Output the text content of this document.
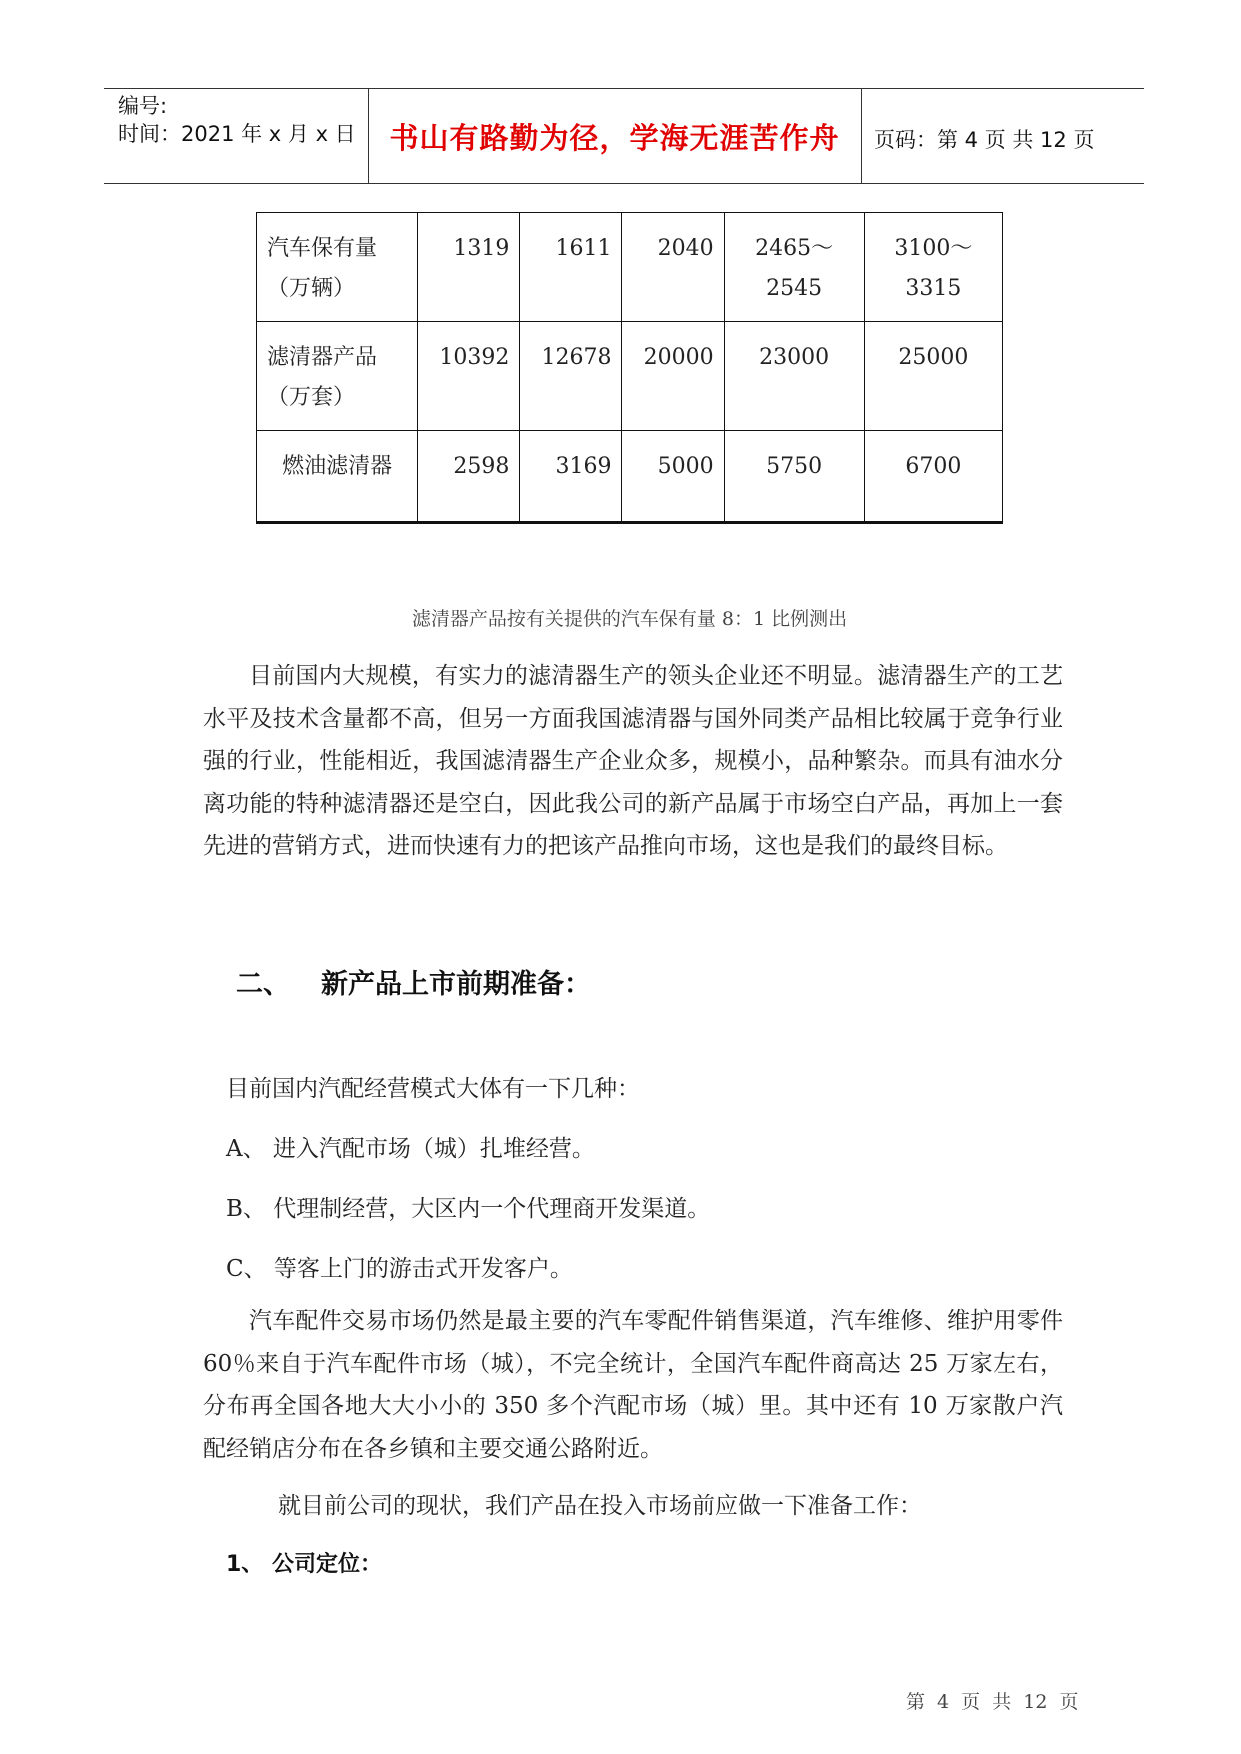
编号:
时间：2021 年 x 月 x 日	书山有路勤为径，学海无涯苦作舟	页码：第 4 页 共 12 页
汽车保有量（万辆）	1319	1611	2040	2465～2545	3100～3315
滤清器产品（万套）	10392	12678	20000	23000	25000
燃油滤清器	2598	3169	5000	5750	6700
滤清器产品按有关提供的汽车保有量 8：1 比例测出
目前国内大规模，有实力的滤清器生产的领头企业还不明显。滤清器生产的工艺水平及技术含量都不高，但另一方面我国滤清器与国外同类产品相比较属于竞争行业强的行业，性能相近，我国滤清器生产企业众多，规模小，品种繁杂。而具有油水分离功能的特种滤清器还是空白，因此我公司的新产品属于市场空白产品，再加上一套先进的营销方式，进而快速有力的把该产品推向市场，这也是我们的最终目标。
二、 新产品上市前期准备：
目前国内汽配经营模式大体有一下几种：
A、 进入汽配市场（城）扎堆经营。
B、 代理制经营，大区内一个代理商开发渠道。
C、 等客上门的游击式开发客户。
汽车配件交易市场仍然是最主要的汽车零配件销售渠道，汽车维修、维护用零件 60％来自于汽车配件市场（城），不完全统计，全国汽车配件商高达 25 万家左右，分布再全国各地大大小小的 350 多个汽配市场（城）里。其中还有 10 万家散户汽配经销店分布在各乡镇和主要交通公路附近。
就目前公司的现状，我们产品在投入市场前应做一下准备工作：
1、 公司定位：
第 4 页 共 12 页
